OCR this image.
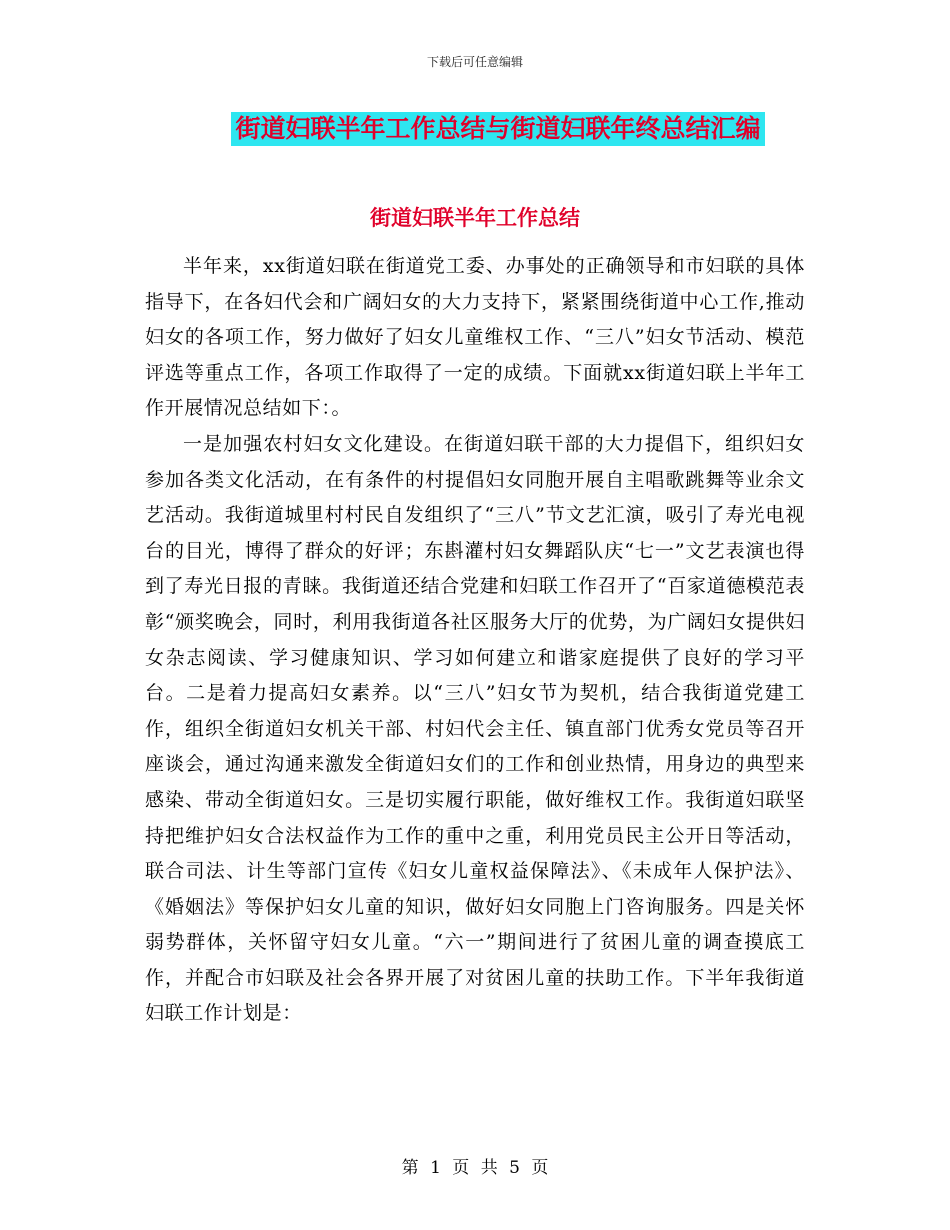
下载后可任意编辑
街道妇联半年工作总结与街道妇联年终总结汇编
街道妇联半年工作总结

半年来，xx街道妇联在街道党工委、办事处的正确领导和市妇联的具体指导下，在各妇代会和广阔妇女的大力支持下，紧紧围绕街道中心工作,推动妇女的各项工作，努力做好了妇女儿童维权工作、“三八”妇女节活动、模范评选等重点工作，各项工作取得了一定的成绩。下面就xx街道妇联上半年工作开展情况总结如下：。

一是加强农村妇女文化建设。在街道妇联干部的大力提倡下，组织妇女参加各类文化活动，在有条件的村提倡妇女同胞开展自主唱歌跳舞等业余文艺活动。我街道城里村村民自发组织了“三八”节文艺汇演，吸引了寿光电视台的目光，博得了群众的好评；东斟灌村妇女舞蹈队庆“七一”文艺表演也得到了寿光日报的青睐。我街道还结合党建和妇联工作召开了“百家道德模范表彰“颁奖晚会，同时，利用我街道各社区服务大厅的优势，为广阔妇女提供妇女杂志阅读、学习健康知识、学习如何建立和谐家庭提供了良好的学习平台。二是着力提高妇女素养。以“三八”妇女节为契机，结合我街道党建工作，组织全街道妇女机关干部、村妇代会主任、镇直部门优秀女党员等召开座谈会，通过沟通来激发全街道妇女们的工作和创业热情，用身边的典型来感染、带动全街道妇女。三是切实履行职能，做好维权工作。我街道妇联坚持把维护妇女合法权益作为工作的重中之重，利用党员民主公开日等活动，联合司法、计生等部门宣传《妇女儿童权益保障法》、《未成年人保护法》、《婚姻法》等保护妇女儿童的知识，做好妇女同胞上门咨询服务。四是关怀弱势群体，关怀留守妇女儿童。“六一”期间进行了贫困儿童的调查摸底工作，并配合市妇联及社会各界开展了对贫困儿童的扶助工作。下半年我街道妇联工作计划是：

第 1 页 共 5 页
